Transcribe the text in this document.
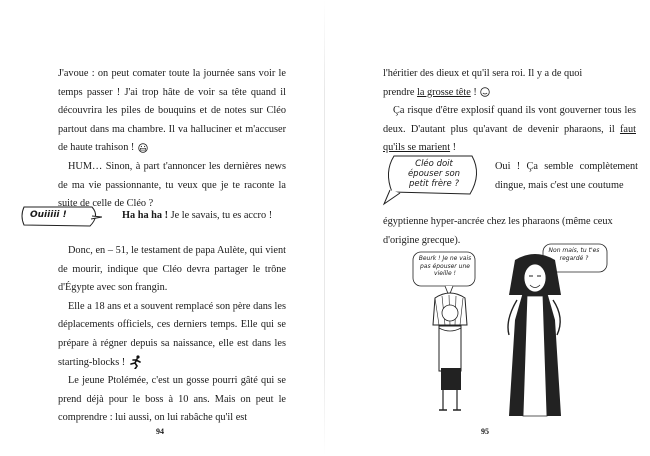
J'avoue : on peut comater toute la journée sans voir le temps passer ! J'ai trop hâte de voir sa tête quand il découvrira les piles de bouquins et de notes sur Cléo partout dans ma chambre. Il va halluciner et m'accuser de haute trahison !

HUM… Sinon, à part t'annoncer les dernières news de ma vie passionnante, tu veux que je te raconte la suite de celle de Cléo ?

Ouiiiii !	Ha ha ha ! Je le savais, tu es accro !

Donc, en – 51, le testament de papa Aulète, qui vient de mourir, indique que Cléo devra partager le trône d'Égypte avec son frangin.

Elle a 18 ans et a souvent remplacé son père dans les déplacements officiels, ces derniers temps. Elle qui se prépare à régner depuis sa naissance, elle est dans les starting-blocks !

Le jeune Ptolémée, c'est un gosse pourri gâté qui se prend déjà pour le boss à 10 ans. Mais on peut le comprendre : lui aussi, on lui rabâche qu'il est

94

l'héritier des dieux et qu'il sera roi. Il y a de quoi

prendre la grosse tête !

Ça risque d'être explosif quand ils vont gouverner tous les deux. D'autant plus qu'avant de devenir pharaons, il faut qu'ils se marient !

Cléo doit épouser son petit frère ?

Oui ! Ça semble complètement dingue, mais c'est une coutume

égyptienne hyper-ancrée chez les pharaons (même ceux d'origine grecque).

Beurk ! Je ne vais pas épouser une vieille !
Non mais, tu t'es regardé ?
95
